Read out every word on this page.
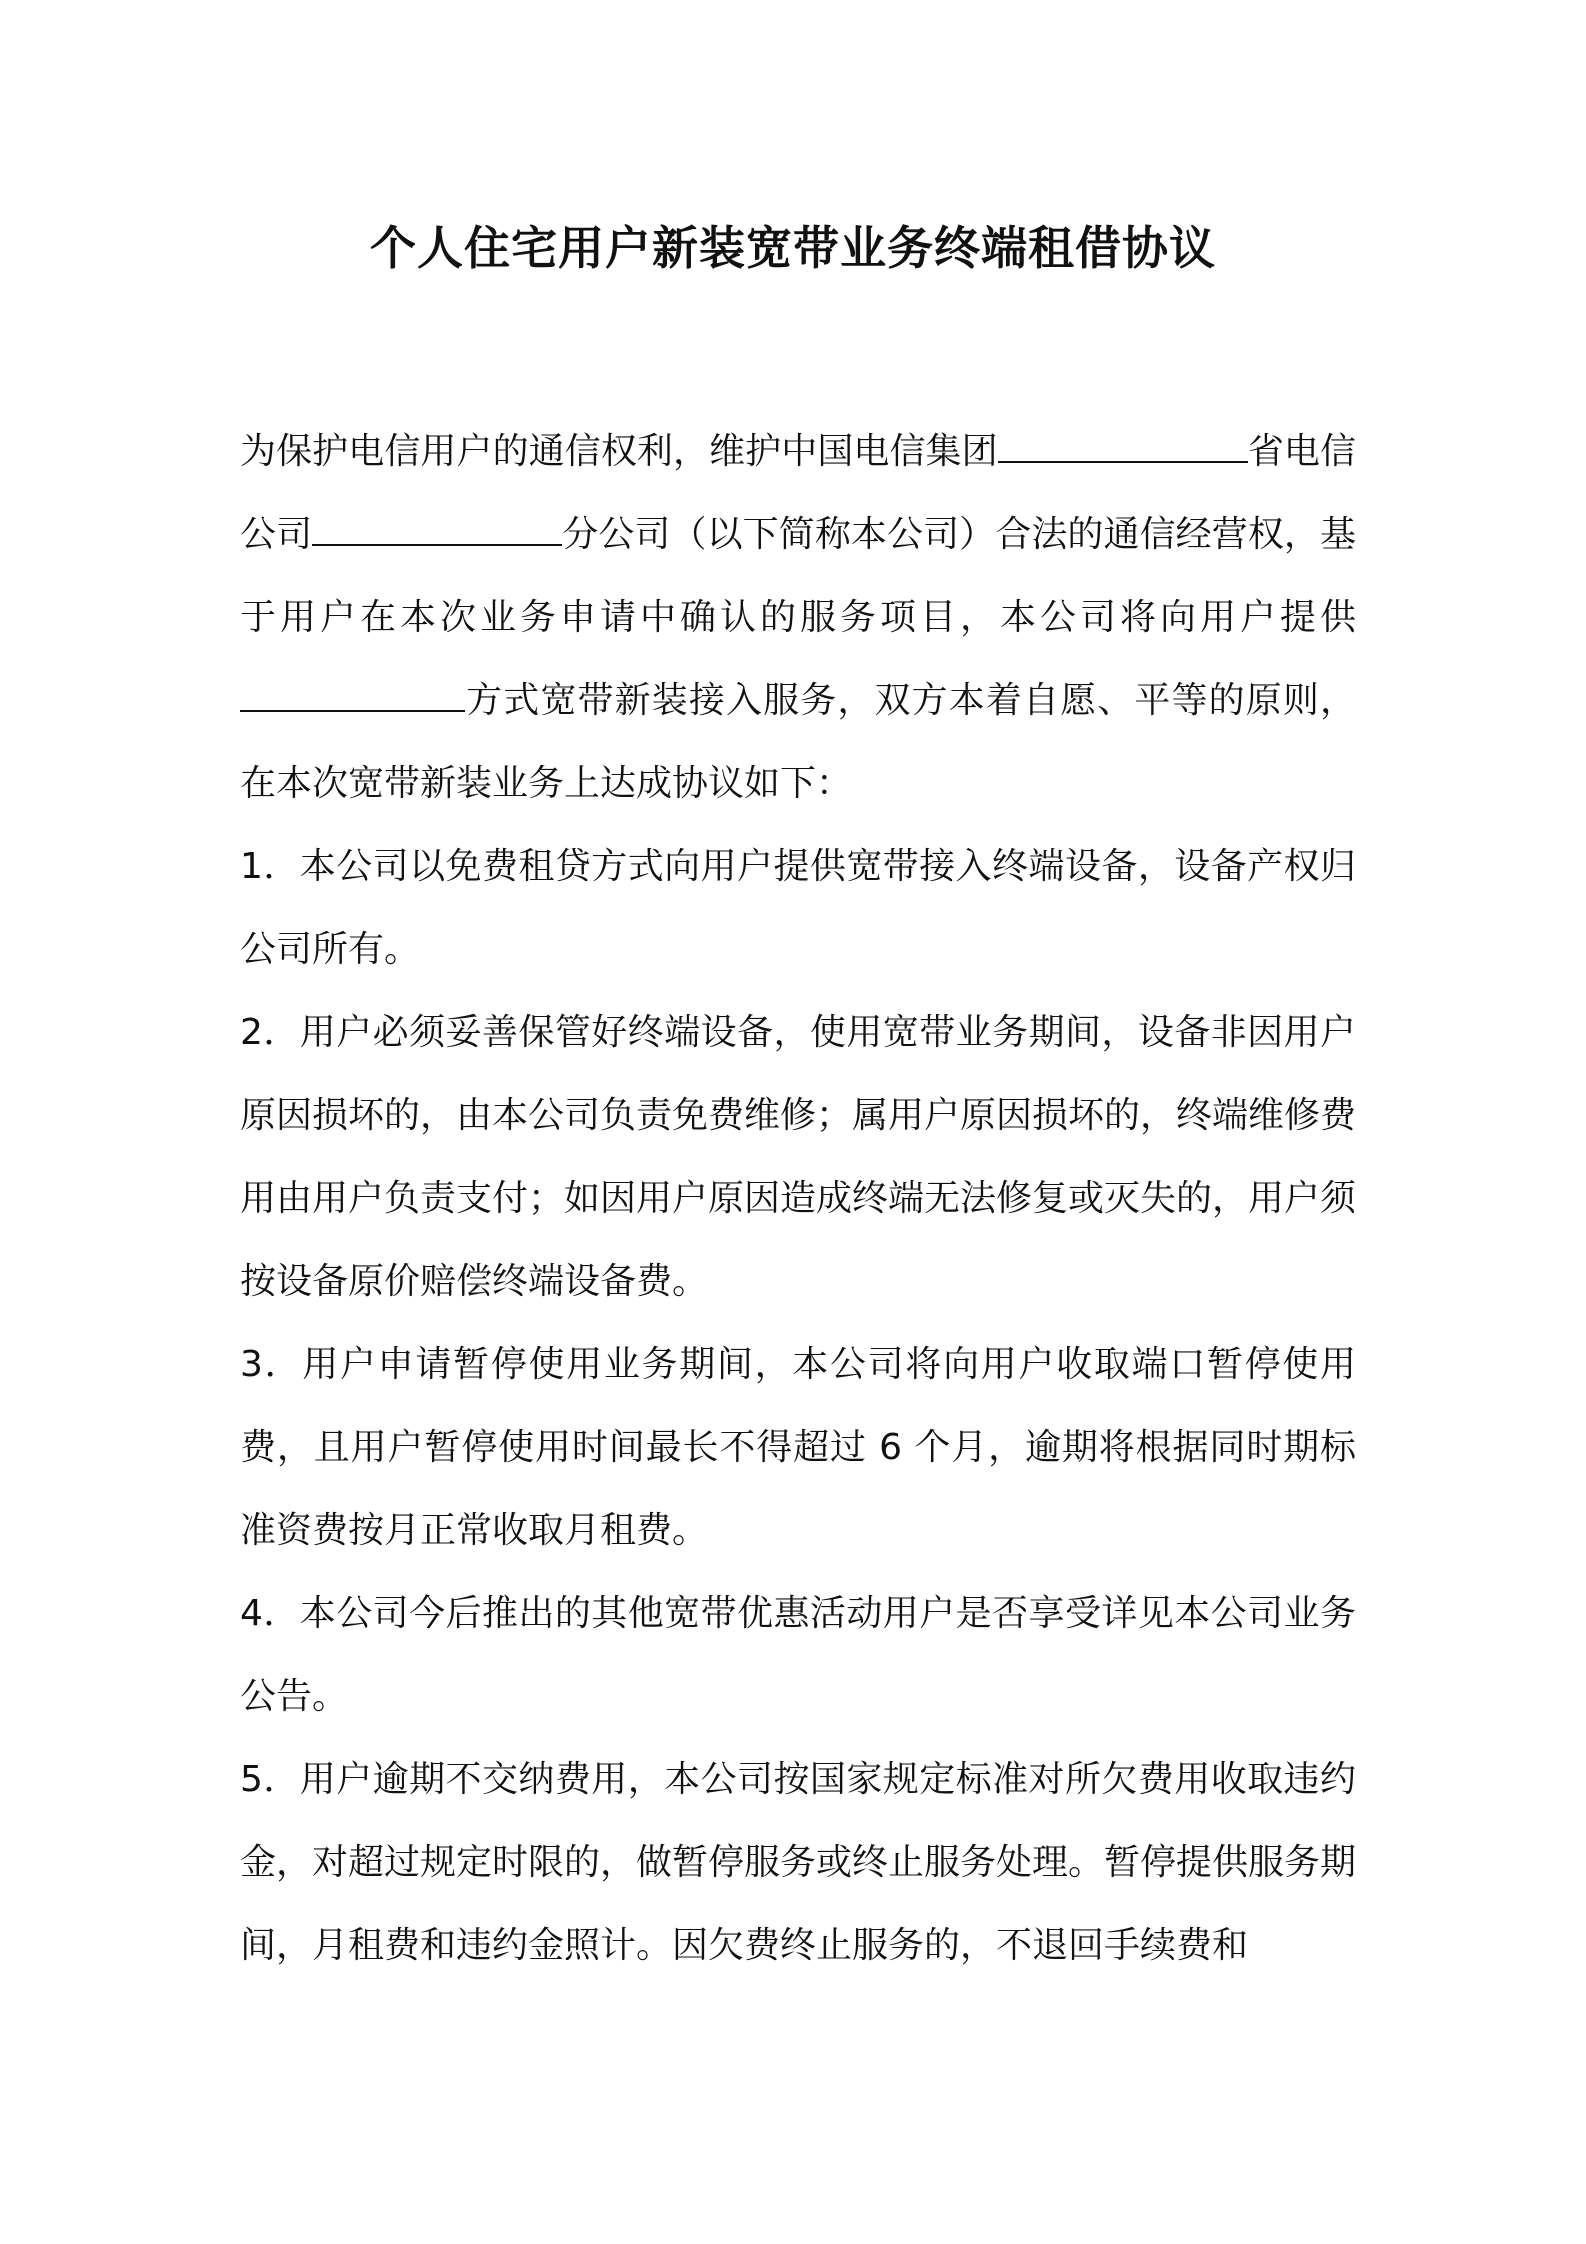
个人住宅用户新装宽带业务终端租借协议

为保护电信用户的通信权利，维护中国电信集团	省电信公司	分公司（以下简称本公司）合法的通信经营权，基于用户在本次业务申请中确认的服务项目，本公司将向用户提供方式宽带新装接入服务，双方本着自愿、平等的原则，在本次宽带新装业务上达成协议如下：

1．本公司以免费租贷方式向用户提供宽带接入终端设备，设备产权归公司所有。

2．用户必须妥善保管好终端设备，使用宽带业务期间，设备非因用户原因损坏的，由本公司负责免费维修；属用户原因损坏的，终端维修费用由用户负责支付；如因用户原因造成终端无法修复或灭失的，用户须按设备原价赔偿终端设备费。

3．用户申请暂停使用业务期间，本公司将向用户收取端口暂停使用费，且用户暂停使用时间最长不得超过 6 个月，逾期将根据同时期标准资费按月正常收取月租费。

4．本公司今后推出的其他宽带优惠活动用户是否享受详见本公司业务公告。

5．用户逾期不交纳费用，本公司按国家规定标准对所欠费用收取违约金，对超过规定时限的，做暂停服务或终止服务处理。暂停提供服务期间，月租费和违约金照计。因欠费终止服务的，不退回手续费和
